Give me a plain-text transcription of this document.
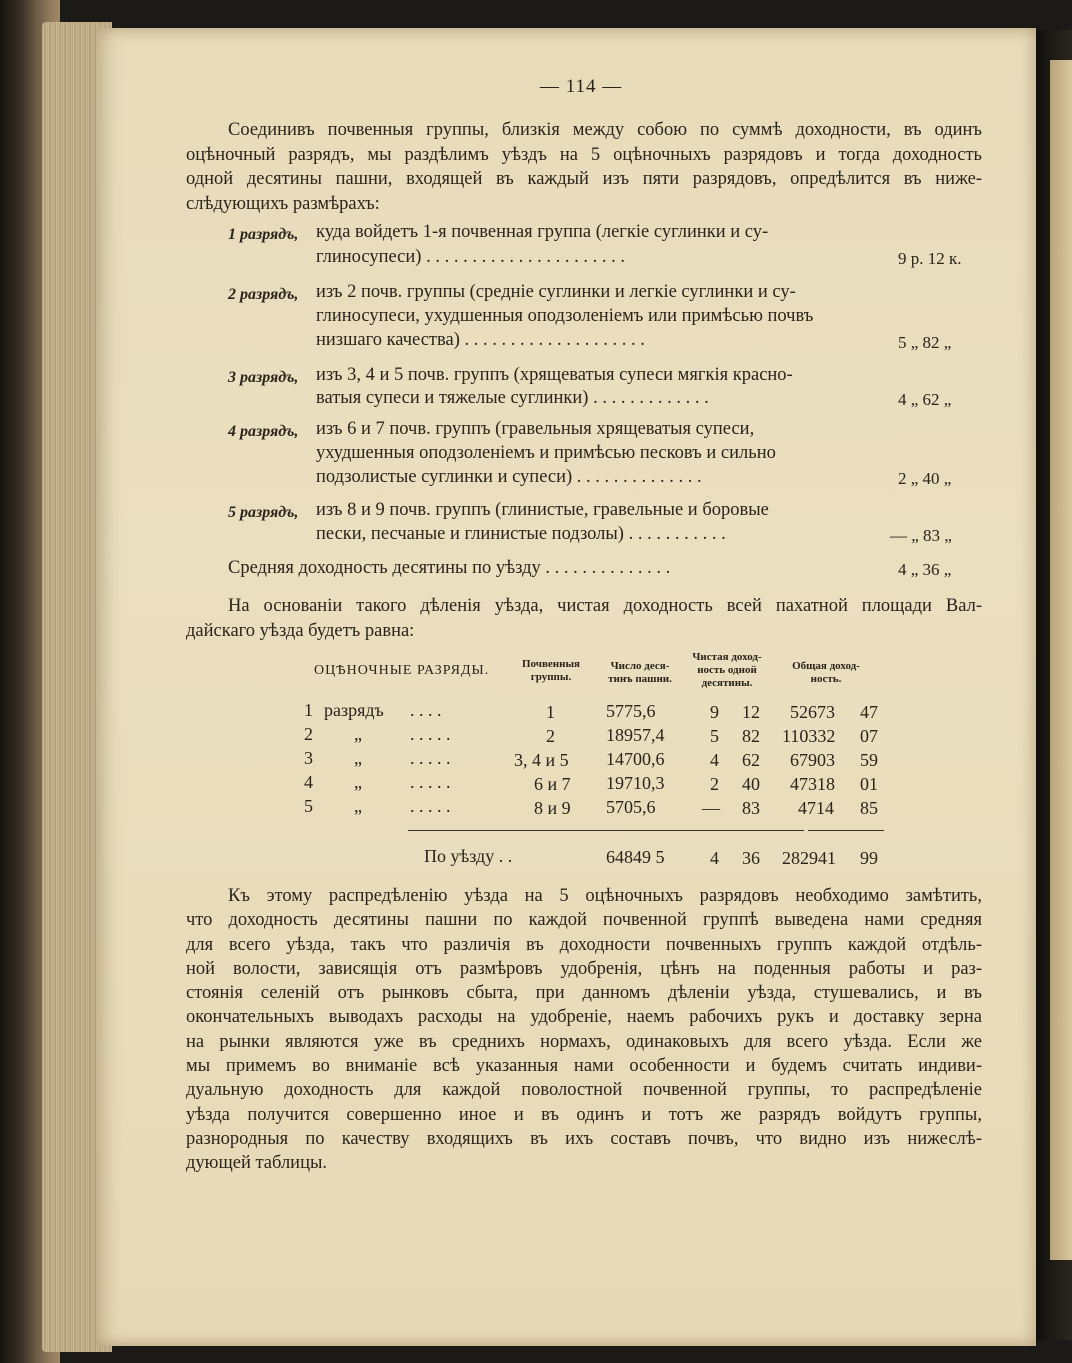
— 114 —
Соединивъ почвенныя группы, близкія между собою по суммѣ доходности, въ одинъ
оцѣночный разрядъ, мы раздѣлимъ уѣздъ на 5 оцѣночныхъ разрядовъ и тогда доходность
одной десятины пашни, входящей въ каждый изъ пяти разрядовъ, опредѣлится въ ниже-
слѣдующихъ размѣрахъ:
1 разрядъ, куда войдетъ 1-я почвенная группа (легкіе суглинки и су-
глиносупеси) . . . . . . . . . . . . . . . . . . . . . .	9 р. 12 к.
2 разрядъ, изъ 2 почв. группы (средніе суглинки и легкіе суглинки и су-
глиносупеси, ухудшенныя оподзоленіемъ или примѣсью почвъ
низшаго качества) . . . . . . . . . . . . . . . . . . . .	5 „ 82 „
3 разрядъ, изъ 3, 4 и 5 почв. группъ (хрящеватыя супеси мягкія красно-
ватыя супеси и тяжелые суглинки) . . . . . . . . . . . . .	4 „ 62 „
4 разрядъ, изъ 6 и 7 почв. группъ (гравельныя хрящеватыя супеси,
ухудшенныя оподзоленіемъ и примѣсью песковъ и сильно
подзолистые суглинки и супеси) . . . . . . . . . . . . . .	2 „ 40 „
5 разрядъ, изъ 8 и 9 почв. группъ (глинистые, гравельные и боровые
пески, песчаные и глинистые подзолы) . . . . . . . . . . .	— „ 83 „
Средняя доходность десятины по уѣзду . . . . . . . . . . . . . .	4 „ 36 „
На основаніи такого дѣленія уѣзда, чистая доходность всей пахатной площади Вал-
дайскаго уѣзда будетъ равна:
ОЦѢНОЧНЫЕ РАЗРЯДЫ.	Почвенныя
группы.
Число деся-
тинъ пашни.
Чистая доход-
ность одной
десятины.
Общая доход-
ность.
1 разрядъ . . . .	1	5775,6	9 12 52673 47
2 „	. . . . .	2	18957,4	5 82 110332 07
3 „	. . . . .	3, 4 и 5 14700,6	4 62 67903 59
4 „	. . . . .	6 и 7 19710,3	2 40 47318 01
5 „	. . . . .	8 и 9 5705,6	— 83 4714 85
По уѣзду . .	64849 5	4 36 282941 99
Къ этому распредѣленію уѣзда на 5 оцѣночныхъ разрядовъ необходимо замѣтить,
что доходность десятины пашни по каждой почвенной группѣ выведена нами средняя
для всего уѣзда, такъ что различія въ доходности почвенныхъ группъ каждой отдѣль-
ной волости, зависящія отъ размѣровъ удобренія, цѣнъ на поденныя работы и раз-
стоянія селеній отъ рынковъ сбыта, при данномъ дѣленіи уѣзда, стушевались, и въ
окончательныхъ выводахъ расходы на удобреніе, наемъ рабочихъ рукъ и доставку зерна
на рынки являются уже въ среднихъ нормахъ, одинаковыхъ для всего уѣзда. Если же
мы примемъ во вниманіе всѣ указанныя нами особенности и будемъ считать индиви-
дуальную доходность для каждой поволостной почвенной группы, то распредѣленіе
уѣзда получится совершенно иное и въ одинъ и тотъ же разрядъ войдутъ группы,
разнородныя по качеству входящихъ въ ихъ составъ почвъ, что видно изъ нижеслѣ-
дующей таблицы.
